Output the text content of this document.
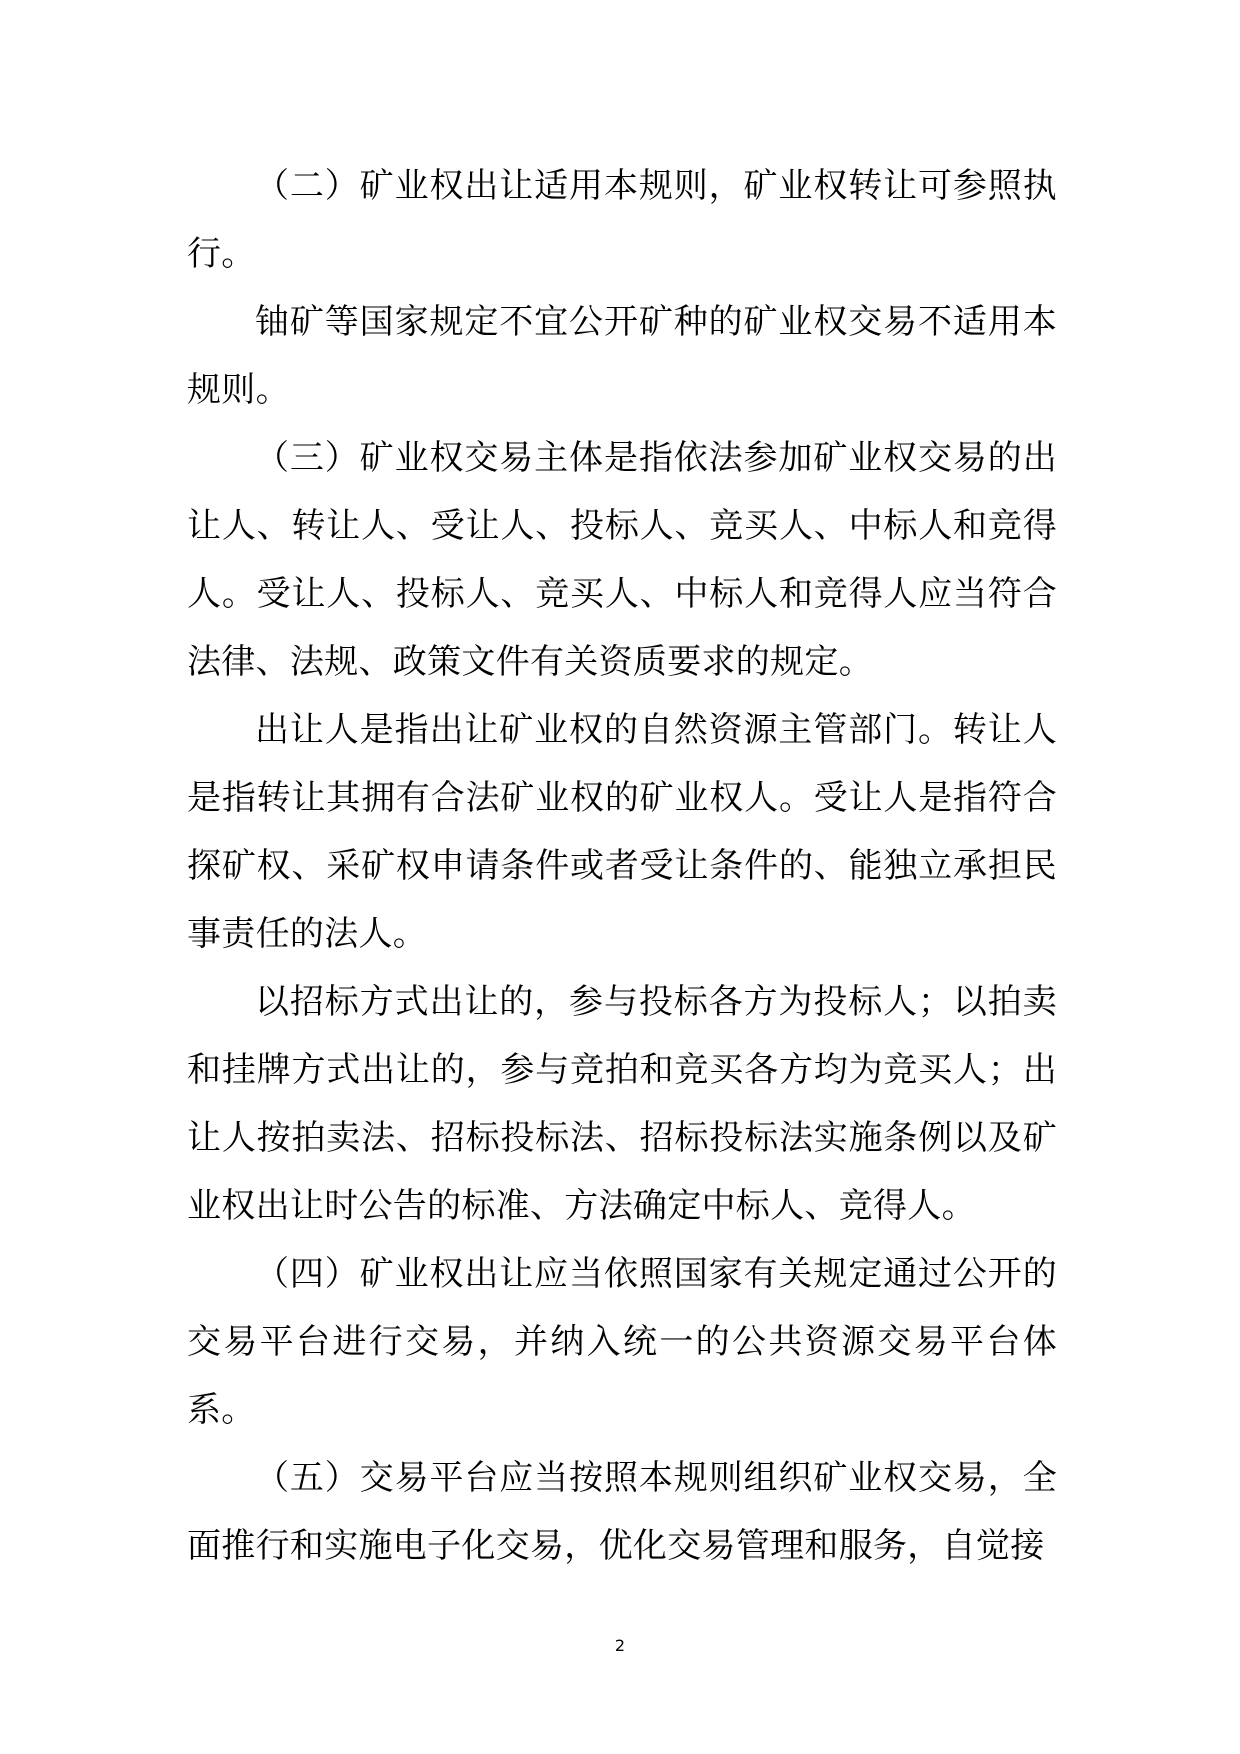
（二）矿业权出让适用本规则，矿业权转让可参照执行。

铀矿等国家规定不宜公开矿种的矿业权交易不适用本规则。

（三）矿业权交易主体是指依法参加矿业权交易的出让人、转让人、受让人、投标人、竞买人、中标人和竞得人。受让人、投标人、竞买人、中标人和竞得人应当符合法律、法规、政策文件有关资质要求的规定。

出让人是指出让矿业权的自然资源主管部门。转让人是指转让其拥有合法矿业权的矿业权人。受让人是指符合探矿权、采矿权申请条件或者受让条件的、能独立承担民事责任的法人。

以招标方式出让的，参与投标各方为投标人；以拍卖和挂牌方式出让的，参与竞拍和竞买各方均为竞买人；出让人按拍卖法、招标投标法、招标投标法实施条例以及矿业权出让时公告的标准、方法确定中标人、竞得人。

（四）矿业权出让应当依照国家有关规定通过公开的交易平台进行交易，并纳入统一的公共资源交易平台体系。

（五）交易平台应当按照本规则组织矿业权交易，全面推行和实施电子化交易，优化交易管理和服务，自觉接

2
